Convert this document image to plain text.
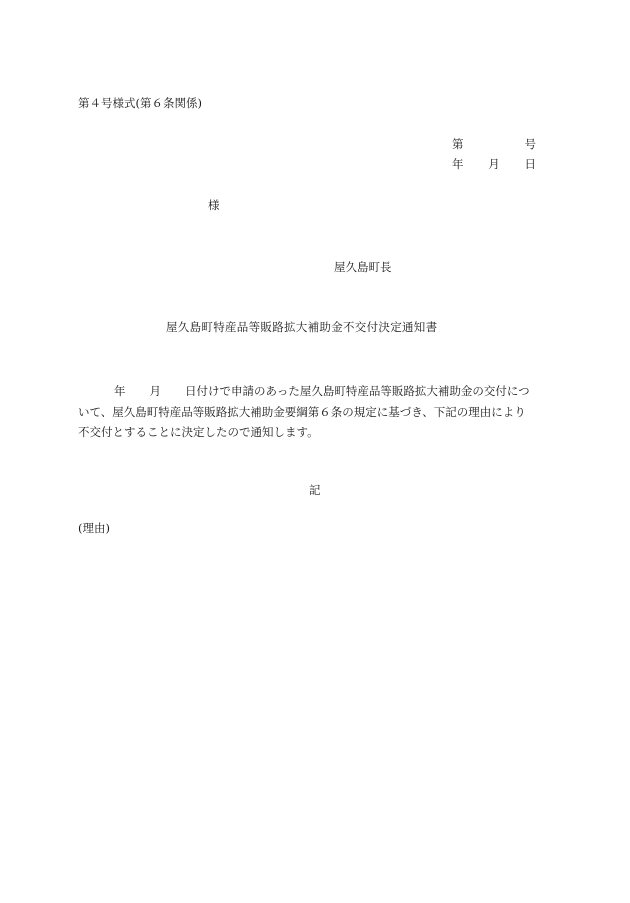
第４号様式(第６条関係)
第	号
年 月 日
様
屋久島町長
屋久島町特産品等販路拡大補助金不交付決定通知書
年 月 日付けで申請のあった屋久島町特産品等販路拡大補助金の交付につ
いて、屋久島町特産品等販路拡大補助金要綱第６条の規定に基づき、下記の理由により
不交付とすることに決定したので通知します。
記
(理由)
